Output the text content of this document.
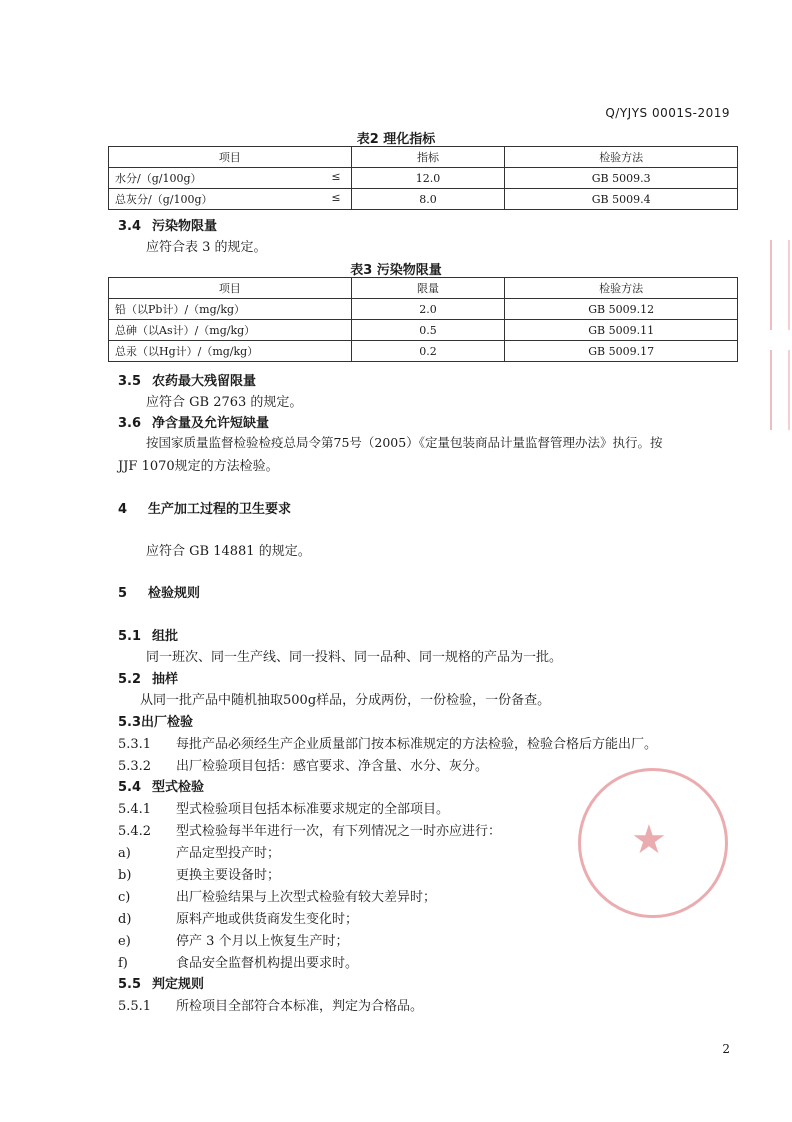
Q/YJYS 0001S-2019
表2 理化指标
项目	指标	检验方法
水分/（g/100g） ≤	12.0	GB 5009.3
总灰分/（g/100g） ≤	8.0	GB 5009.4
3.4 污染物限量
应符合表 3 的规定。
表3 污染物限量
项目	限量	检验方法
铅（以Pb计）/（mg/kg）	2.0	GB 5009.12
总砷（以As计）/（mg/kg）	0.5	GB 5009.11
总汞（以Hg计）/（mg/kg）	0.2	GB 5009.17
3.5 农药最大残留限量
应符合 GB 2763 的规定。
3.6 净含量及允许短缺量
按国家质量监督检验检疫总局令第75号（2005）《定量包装商品计量监督管理办法》执行。按
JJF 1070规定的方法检验。
4 生产加工过程的卫生要求
应符合 GB 14881 的规定。
5 检验规则
5.1 组批
同一班次、同一生产线、同一投料、同一品种、同一规格的产品为一批。
5.2 抽样
从同一批产品中随机抽取500g样品，分成两份，一份检验，一份备查。
5.3出厂检验
5.3.1 每批产品必须经生产企业质量部门按本标准规定的方法检验，检验合格后方能出厂。
5.3.2 出厂检验项目包括：感官要求、净含量、水分、灰分。
5.4 型式检验
5.4.1 型式检验项目包括本标准要求规定的全部项目。
5.4.2 型式检验每半年进行一次，有下列情况之一时亦应进行：
a)	产品定型投产时；
b)	更换主要设备时；
c)	出厂检验结果与上次型式检验有较大差异时；
d)	原料产地或供货商发生变化时；
e)	停产 3 个月以上恢复生产时；
f)	食品安全监督机构提出要求时。
5.5 判定规则
5.5.1 所检项目全部符合本标准，判定为合格品。
2
★
